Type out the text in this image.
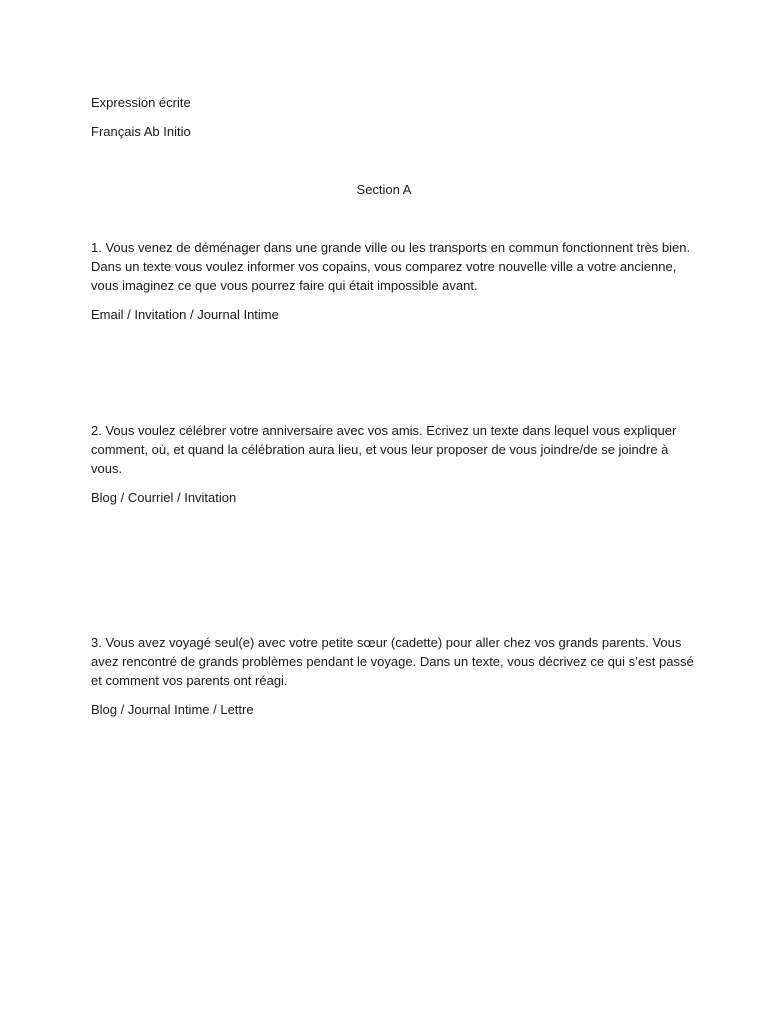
Expression écrite
Français Ab Initio
Section A
1. Vous venez de déménager dans une grande ville ou les transports en commun fonctionnent très bien.
Dans un texte vous voulez informer vos copains, vous comparez votre nouvelle ville a votre ancienne,
vous imaginez ce que vous pourrez faire qui était impossible avant.
Email / Invitation / Journal Intime
2. Vous voulez célébrer votre anniversaire avec vos amis. Ecrivez un texte dans lequel vous expliquer
comment, où, et quand la célébration aura lieu, et vous leur proposer de vous joindre/de se joindre à
vous.
Blog / Courriel / Invitation
3. Vous avez voyagé seul(e) avec votre petite sœur (cadette) pour aller chez vos grands parents. Vous
avez rencontré de grands problèmes pendant le voyage. Dans un texte, vous décrivez ce qui s’est passé
et comment vos parents ont réagi.
Blog / Journal Intime / Lettre
